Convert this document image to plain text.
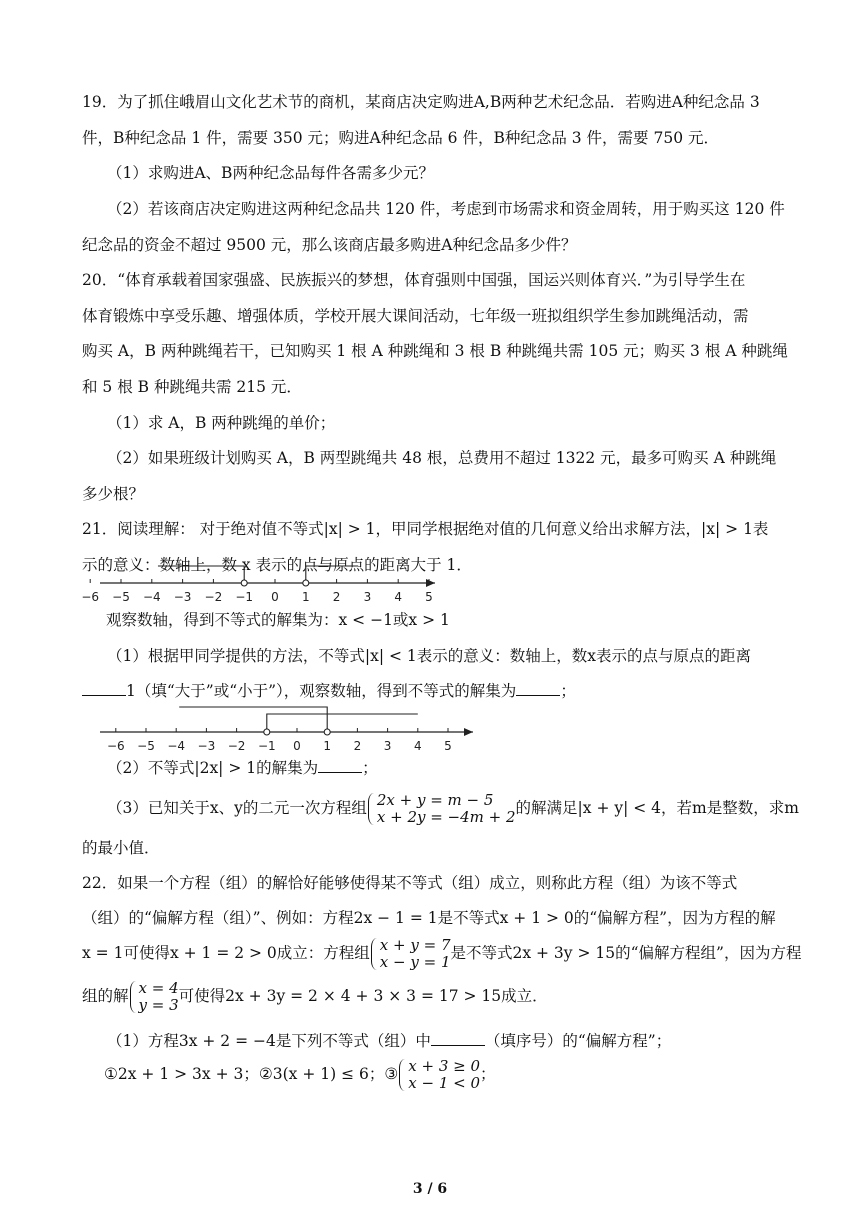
19．为了抓住峨眉山文化艺术节的商机，某商店决定购进A,B两种艺术纪念品．若购进A种纪念品 3
件，B种纪念品 1 件，需要 350 元；购进A种纪念品 6 件，B种纪念品 3 件，需要 750 元．
（1）求购进A、B两种纪念品每件各需多少元？
（2）若该商店决定购进这两种纪念品共 120 件，考虑到市场需求和资金周转，用于购买这 120 件
纪念品的资金不超过 9500 元，那么该商店最多购进A种纪念品多少件？
20．“体育承载着国家强盛、民族振兴的梦想，体育强则中国强，国运兴则体育兴．”为引导学生在
体育锻炼中享受乐趣、增强体质，学校开展大课间活动，七年级一班拟组织学生参加跳绳活动，需
购买 A，B 两种跳绳若干，已知购买 1 根 A 种跳绳和 3 根 B 种跳绳共需 105 元；购买 3 根 A 种跳绳
和 5 根 B 种跳绳共需 215 元．
（1）求 A，B 两种跳绳的单价；
（2）如果班级计划购买 A，B 两型跳绳共 48 根，总费用不超过 1322 元，最多可购买 A 种跳绳
多少根？
21．阅读理解： 对于绝对值不等式|x| > 1，甲同学根据绝对值的几何意义给出求解方法，|x| > 1表
示的意义：数轴上，数 x 表示的点与原点的距离大于 1．
−6 −5 −4 −3 −2 −1 0 1 2 3 4 5
观察数轴，得到不等式的解集为：x < −1或x > 1
（1）根据甲同学提供的方法，不等式|x| < 1表示的意义：数轴上，数x表示的点与原点的距离
1（填“大于”或“小于”），观察数轴，得到不等式的解集为	；
−6 −5 −4 −3 −2 −1 0 1 2 3 4 5
（2）不等式|2x| > 1的解集为	；
（3）已知关于x、y的二元一次方程组 2x + y = m − 5
x + 2y = −4m + 2 的解满足|x + y| < 4，若m是整数，求m
的最小值．
22．如果一个方程（组）的解恰好能够使得某不等式（组）成立，则称此方程（组）为该不等式
（组）的“偏解方程（组）”、例如：方程2x − 1 = 1是不等式x + 1 > 0的“偏解方程”，因为方程的解
x = 1可使得x + 1 = 2 > 0成立：方程组 x + y = 7
x − y = 1 是不等式2x + 3y > 15的“偏解方程组”，因为方程
组的解 x = 4
y = 3 可使得2x + 3y = 2 × 4 + 3 × 3 = 17 > 15成立．
（1）方程3x + 2 = −4是下列不等式（组）中	（填序号）的“偏解方程”；
①2x + 1 > 3x + 3；②3(x + 1) ≤ 6；③ x + 3 ≥ 0
x − 1 < 0 ；
3 / 6
